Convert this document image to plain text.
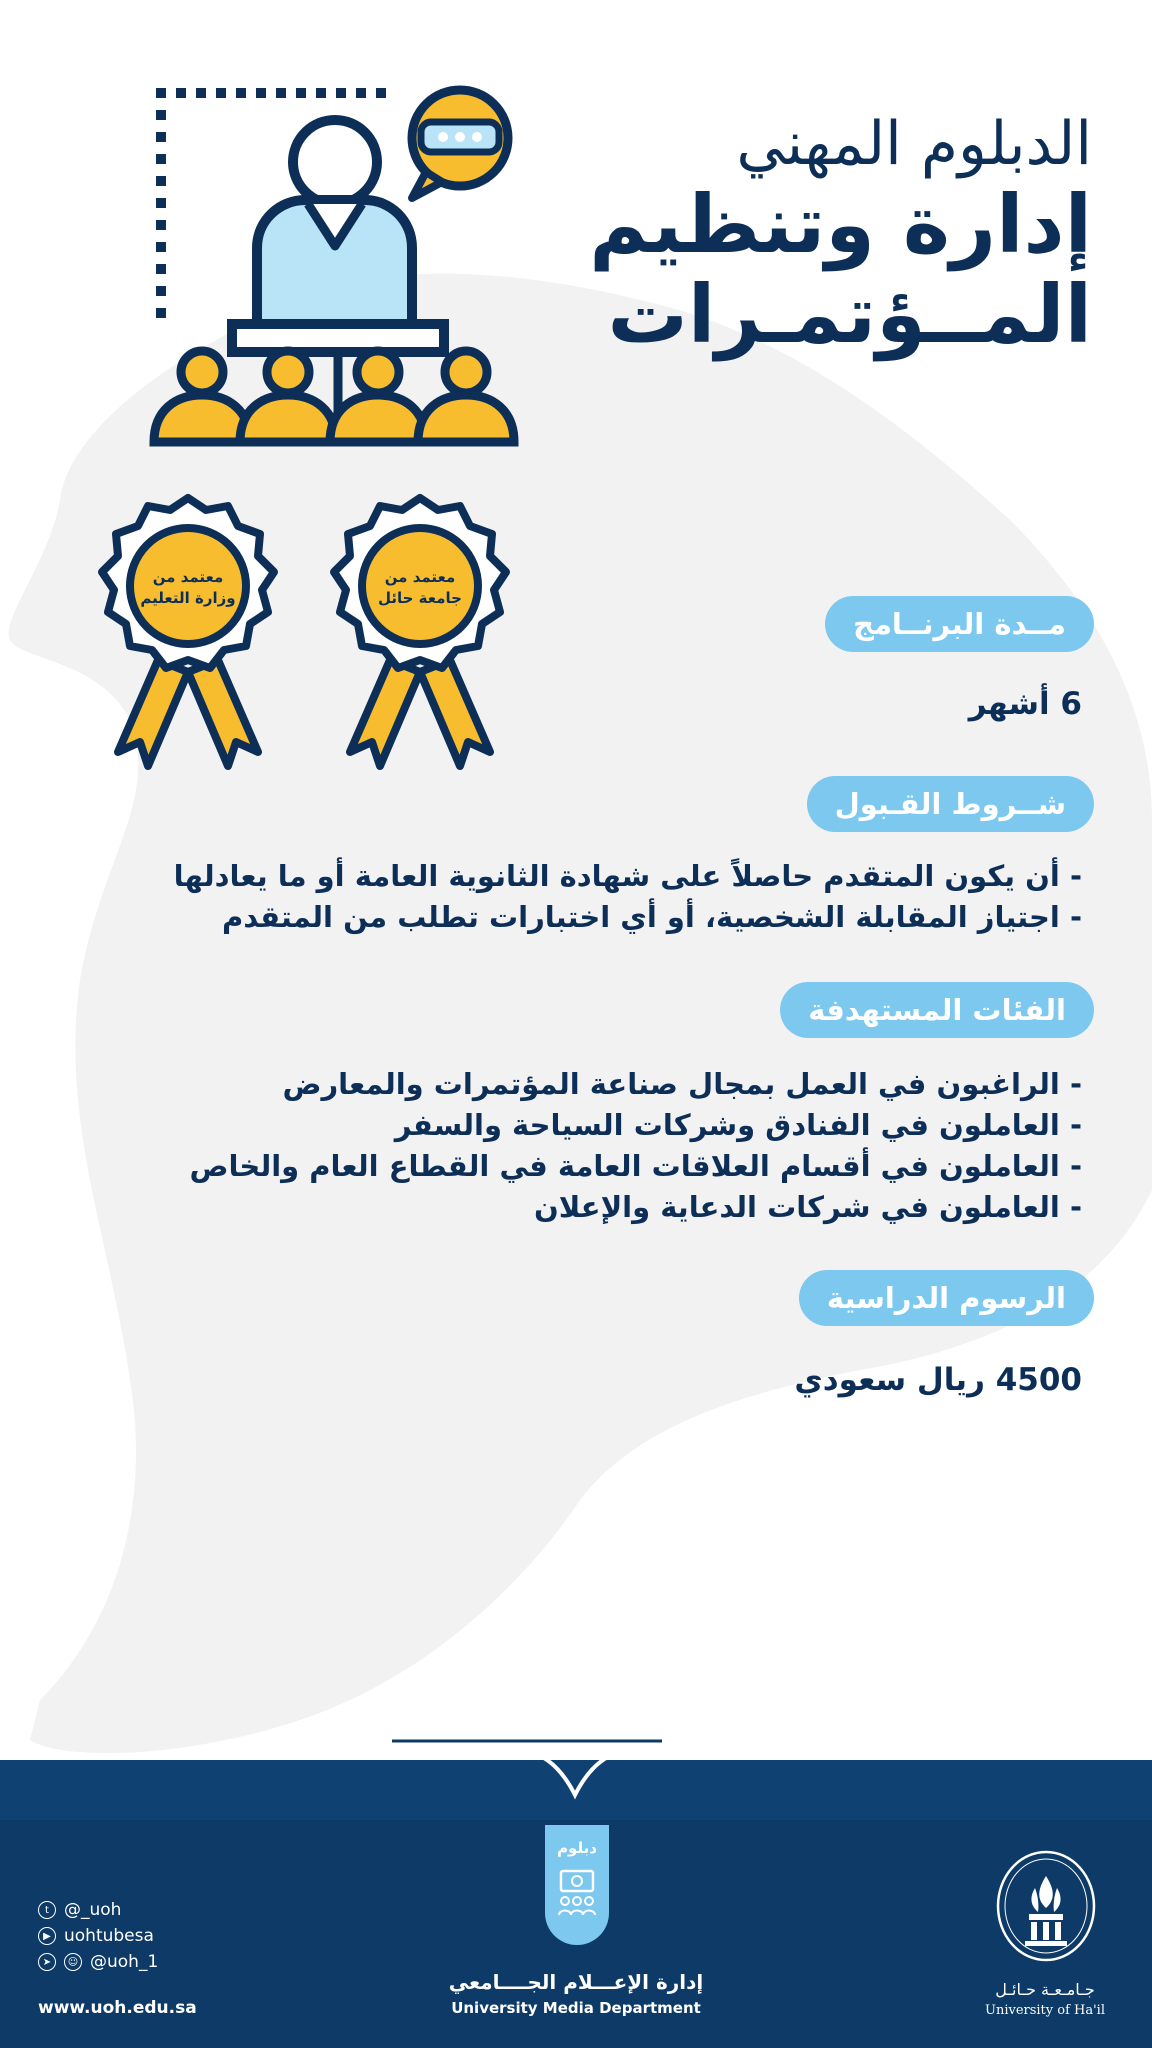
الدبلوم المهني

إدارة وتنظيم

المــؤتمـرات

معتمد من
جامعة حائل
معتمد من
وزارة التعليم
مــدة البرنــامج
6 أشهر
شــروط القـبول
- أن يكون المتقدم حاصلاً على شهادة الثانوية العامة أو ما يعادلها
- اجتياز المقابلة الشخصية، أو أي اختبارات تطلب من المتقدم
الفئات المستهدفة
- الراغبون في العمل بمجال صناعة المؤتمرات والمعارض
- العاملون في الفنادق وشركات السياحة والسفر
- العاملون في أقسام العلاقات العامة في القطاع العام والخاص
- العاملون في شركات الدعاية والإعلان
الرسوم الدراسية
4500 ريال سعودي
دبلوم
إدارة الإعـــلام الجــــامعي
University Media Department
t @_uoh
▶ uohtubesa
➤	☺ @uoh_1
www.uoh.edu.sa
جـامـعـة حـائـل
University of Ha'il
